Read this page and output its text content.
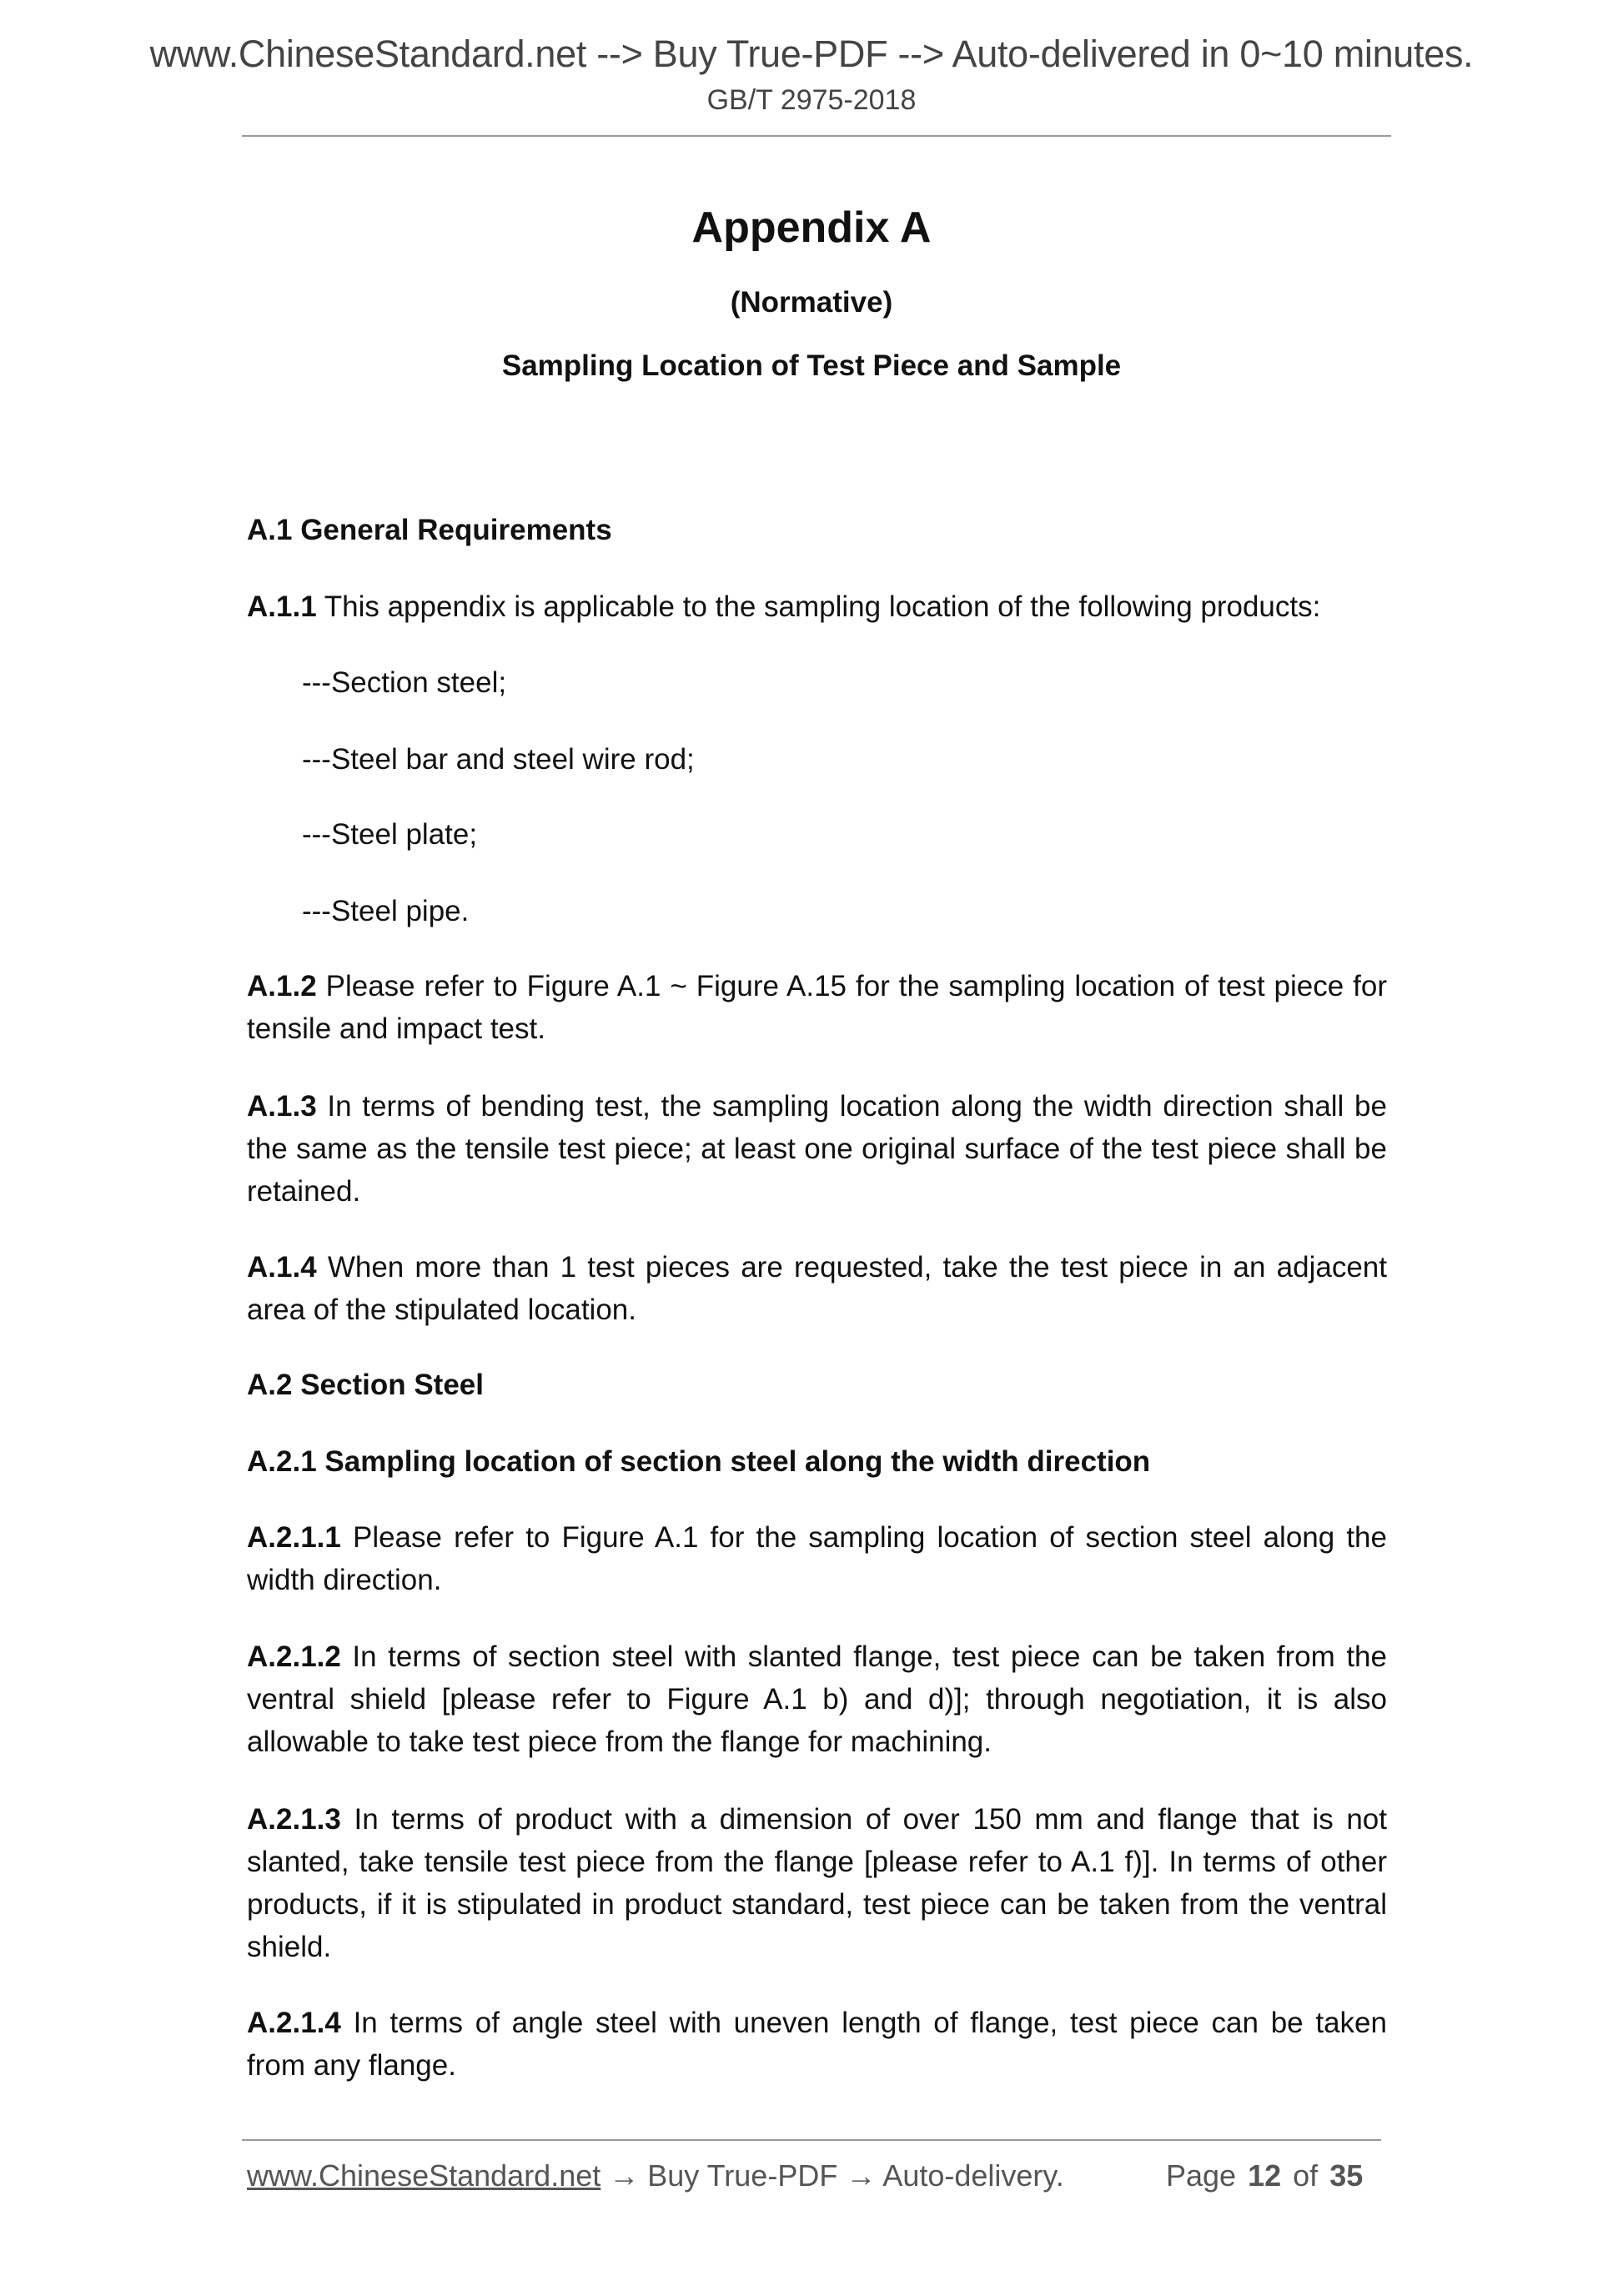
www.ChineseStandard.net --> Buy True-PDF --> Auto-delivered in 0~10 minutes.
GB/T 2975-2018
Appendix A
(Normative)
Sampling Location of Test Piece and Sample
A.1 General Requirements
A.1.1 This appendix is applicable to the sampling location of the following products:
---Section steel;
---Steel bar and steel wire rod;
---Steel plate;
---Steel pipe.
A.1.2 Please refer to Figure A.1 ~ Figure A.15 for the sampling location of test piece for tensile and impact test.
A.1.3 In terms of bending test, the sampling location along the width direction shall be the same as the tensile test piece; at least one original surface of the test piece shall be retained.
A.1.4 When more than 1 test pieces are requested, take the test piece in an adjacent area of the stipulated location.
A.2 Section Steel
A.2.1 Sampling location of section steel along the width direction
A.2.1.1 Please refer to Figure A.1 for the sampling location of section steel along the width direction.
A.2.1.2 In terms of section steel with slanted flange, test piece can be taken from the ventral shield [please refer to Figure A.1 b) and d)]; through negotiation, it is also allowable to take test piece from the flange for machining.
A.2.1.3 In terms of product with a dimension of over 150 mm and flange that is not slanted, take tensile test piece from the flange [please refer to A.1 f)]. In terms of other products, if it is stipulated in product standard, test piece can be taken from the ventral shield.
A.2.1.4 In terms of angle steel with uneven length of flange, test piece can be taken from any flange.
www.ChineseStandard.net → Buy True-PDF → Auto-delivery.	Page 12 of 35
